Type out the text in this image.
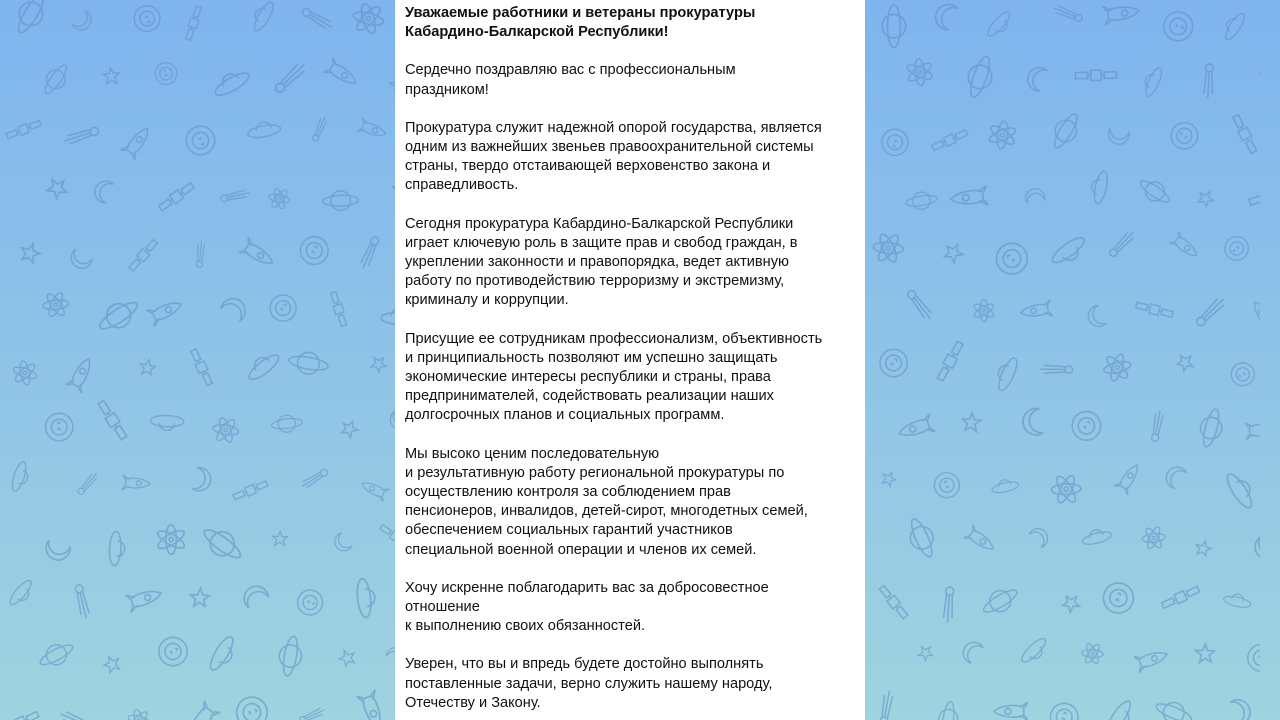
Уважаемые работники и ветераны прокуратуры
Кабардино-Балкарской Республики!
Сердечно поздравляю вас с профессиональным
праздником!
Прокуратура служит надежной опорой государства, является
одним из важнейших звеньев правоохранительной системы
страны, твердо отстаивающей верховенство закона и
справедливость.
Сегодня прокуратура Кабардино-Балкарской Республики
играет ключевую роль в защите прав и свобод граждан, в
укреплении законности и правопорядка, ведет активную
работу по противодействию терроризму и экстремизму,
криминалу и коррупции.
Присущие ее сотрудникам профессионализм, объективность
и принципиальность позволяют им успешно защищать
экономические интересы республики и страны, права
предпринимателей, содействовать реализации наших
долгосрочных планов и социальных программ.
Мы высоко ценим последовательную
и результативную работу региональной прокуратуры по
осуществлению контроля за соблюдением прав
пенсионеров, инвалидов, детей-сирот, многодетных семей,
обеспечением социальных гарантий участников
специальной военной операции и членов их семей.
Хочу искренне поблагодарить вас за добросовестное
отношение
к выполнению своих обязанностей.
Уверен, что вы и впредь будете достойно выполнять
поставленные задачи, верно служить нашему народу,
Отечеству и Закону.
